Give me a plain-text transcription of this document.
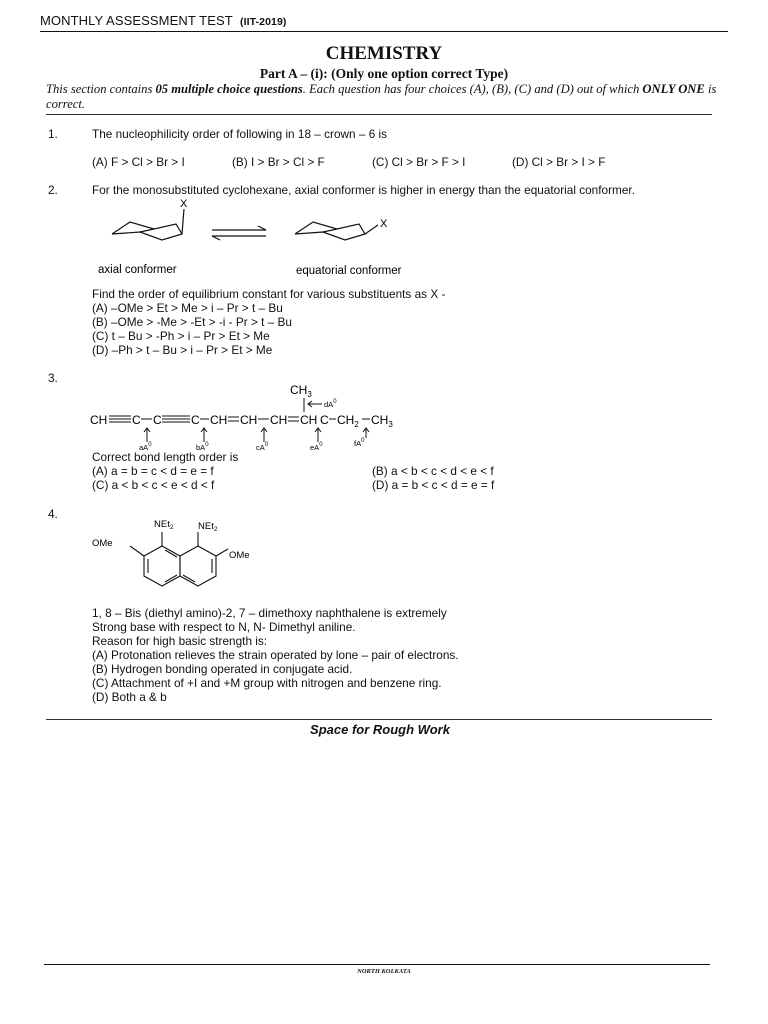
MONTHLY ASSESSMENT TEST (IIT-2019)
CHEMISTRY
Part A – (i): (Only one option correct Type)
This section contains 05 multiple choice questions. Each question has four choices (A), (B), (C) and (D) out of which ONLY ONE is correct.
1.	The nucleophilicity order of following in 18 – crown – 6 is
(A) F > Cl > Br > I	(B) I > Br > Cl > F	(C) Cl > Br > F > I	(D) Cl > Br > I > F
2.	For the monosubstituted cyclohexane, axial conformer is higher in energy than the equatorial conformer.
X
X
axial conformer	equatorial conformer
Find the order of equilibrium constant for various substituents as X -
(A) –OMe > Et > Me > i – Pr > t – Bu
(B) –OMe > -Me > -Et > -i - Pr > t – Bu
(C) t – Bu > -Ph > i – Pr > Et > Me
(D) –Ph > t – Bu > i – Pr > Et > Me
3.
$CH_3$
CH C C C CH CH CH CH C $CH_2$ $CH_3$
$dA^0$
$aA^0$	$bA^0$	$cA^0$	$eA^0$	$fA^0$
Correct bond length order is
(A) a = b = c < d = e = f	(B) a < b < c < d < e < f
(C) a < b < c < e < d < f	(D) a = b < c < d = e = f
4.
NEt$_2$	NEt$_2$
OMe
OMe
1, 8 – Bis (diethyl amino)-2, 7 – dimethoxy naphthalene is extremely
Strong base with respect to N, N- Dimethyl aniline.
Reason for high basic strength is:
(A) Protonation relieves the strain operated by lone – pair of electrons.
(B) Hydrogen bonding operated in conjugate acid.
(C) Attachment of +I and +M group with nitrogen and benzene ring.
(D) Both a & b
Space for Rough Work
NORTH KOLKATA
